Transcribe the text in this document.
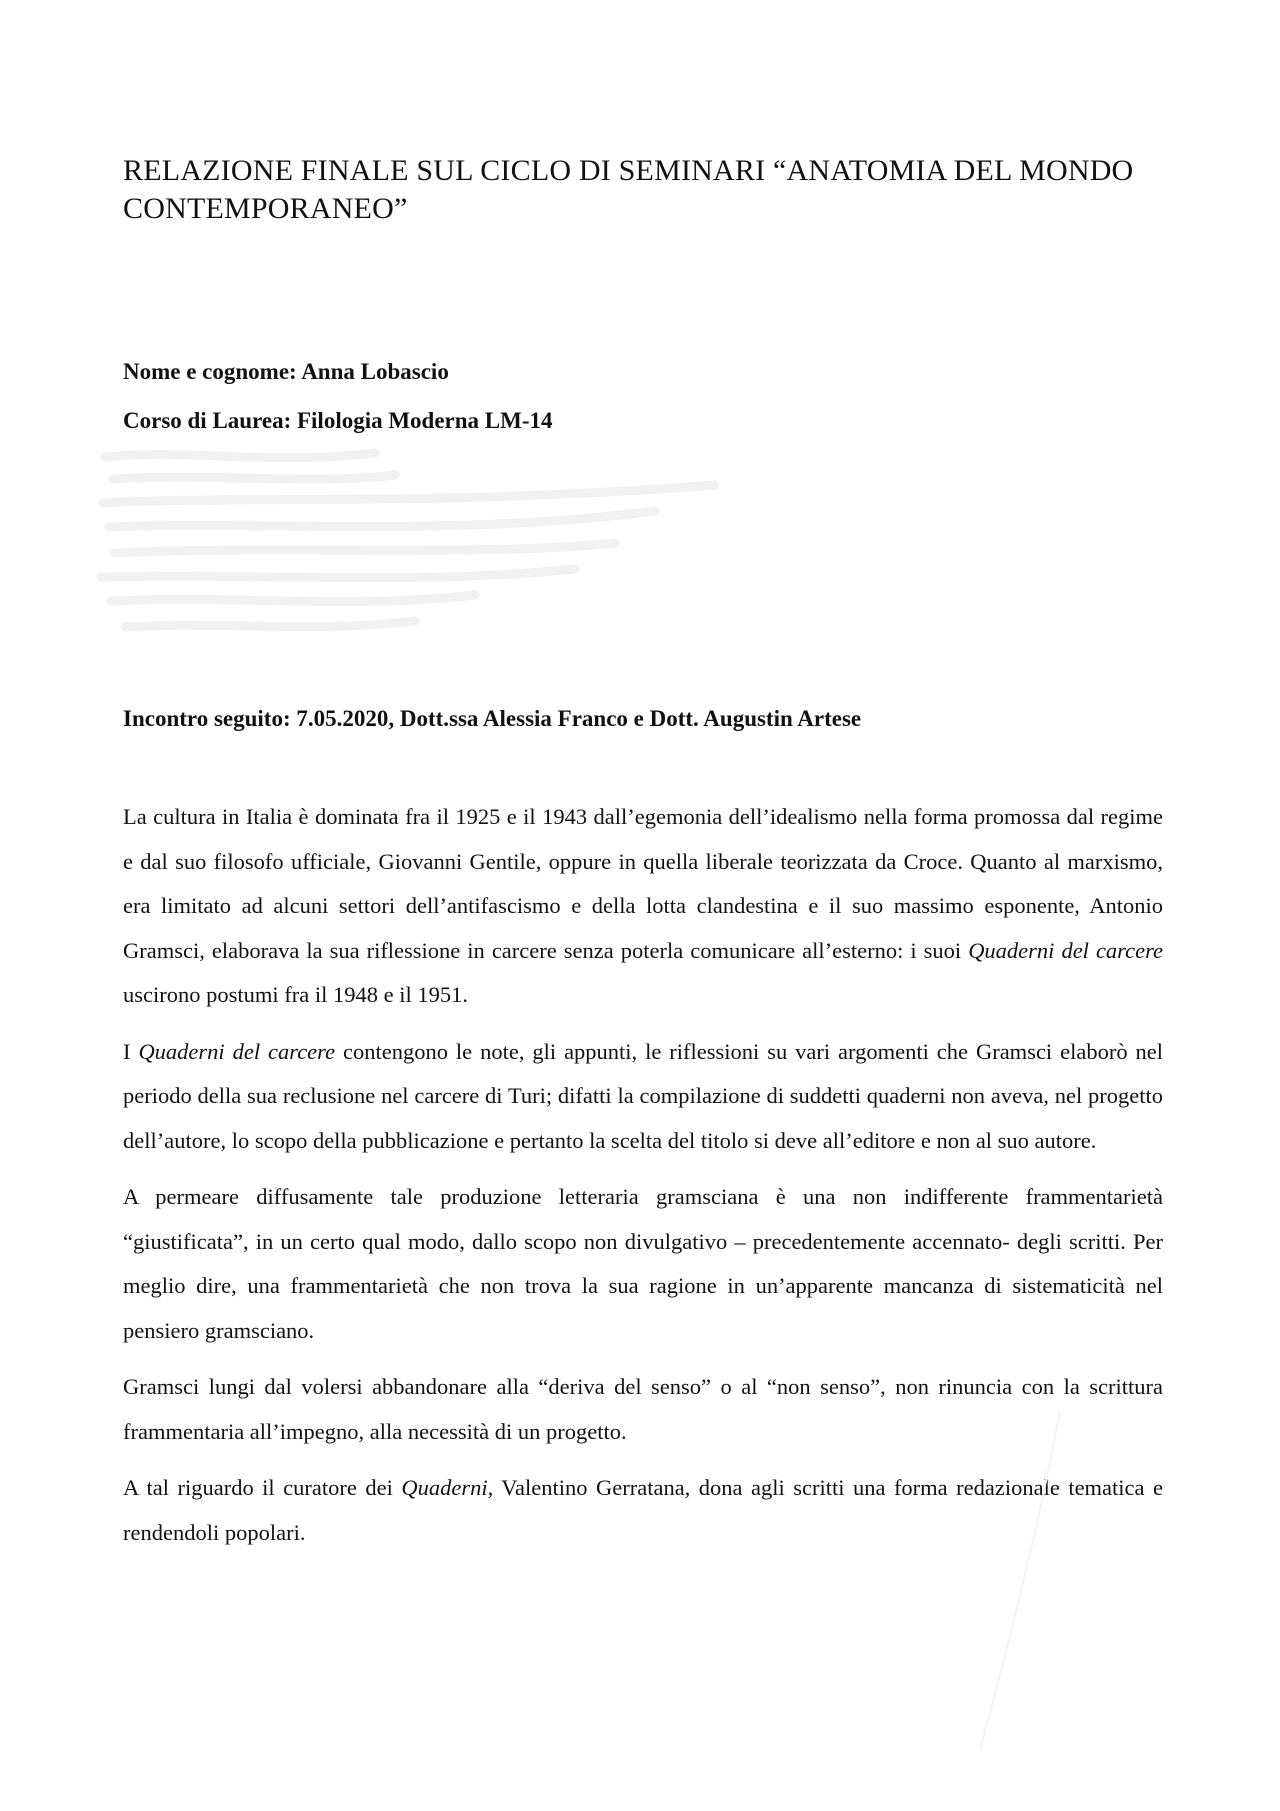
RELAZIONE FINALE SUL CICLO DI SEMINARI “ANATOMIA DEL MONDO CONTEMPORANEO”

Nome e cognome: Anna Lobascio

Corso di Laurea: Filologia Moderna LM-14

Incontro seguito: 7.05.2020, Dott.ssa Alessia Franco e Dott. Augustin Artese

La cultura in Italia è dominata fra il 1925 e il 1943 dall’egemonia dell’idealismo nella forma promossa dal regime e dal suo filosofo ufficiale, Giovanni Gentile, oppure in quella liberale teorizzata da Croce. Quanto al marxismo, era limitato ad alcuni settori dell’antifascismo e della lotta clandestina e il suo massimo esponente, Antonio Gramsci, elaborava la sua riflessione in carcere senza poterla comunicare all’esterno: i suoi Quaderni del carcere uscirono postumi fra il 1948 e il 1951.

I Quaderni del carcere contengono le note, gli appunti, le riflessioni su vari argomenti che Gramsci elaborò nel periodo della sua reclusione nel carcere di Turi; difatti la compilazione di suddetti quaderni non aveva, nel progetto dell’autore, lo scopo della pubblicazione e pertanto la scelta del titolo si deve all’editore e non al suo autore.

A permeare diffusamente tale produzione letteraria gramsciana è una non indifferente frammentarietà “giustificata”, in un certo qual modo, dallo scopo non divulgativo – precedentemente accennato- degli scritti. Per meglio dire, una frammentarietà che non trova la sua ragione in un’apparente mancanza di sistematicità nel pensiero gramsciano.

Gramsci lungi dal volersi abbandonare alla “deriva del senso” o al “non senso”, non rinuncia con la scrittura frammentaria all’impegno, alla necessità di un progetto.

A tal riguardo il curatore dei Quaderni, Valentino Gerratana, dona agli scritti una forma redazionale tematica e rendendoli popolari.
